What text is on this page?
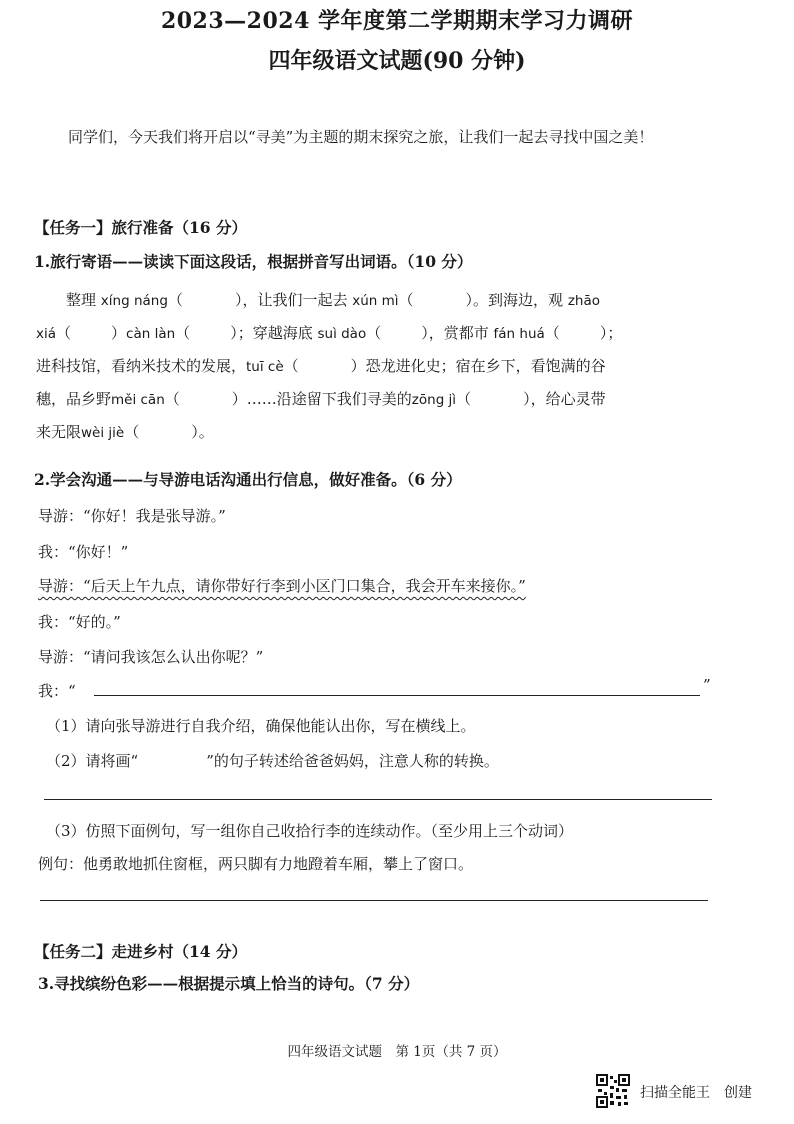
2023—2024 学年度第二学期期末学习力调研
四年级语文试题(90 分钟)
同学们，今天我们将开启以“寻美”为主题的期末探究之旅，让我们一起去寻找中国之美！
【任务一】旅行准备（16 分）
1.旅行寄语——读读下面这段话，根据拼音写出词语。（10 分）
整理 xíng náng（	），让我们一起去 xún mì（	）。到海边，观 zhāo
xiá（	）càn làn（	）；穿越海底 suì dào（	），赏都市 fán huá（	）；
进科技馆，看纳米技术的发展，tuī cè（	）恐龙进化史；宿在乡下，看饱满的谷
穗，品乡野měi cān（	）……沿途留下我们寻美的zōng jì（	），给心灵带
来无限wèi jiè（	）。
2.学会沟通——与导游电话沟通出行信息，做好准备。（6 分）
导游：“你好！我是张导游。”
我：“你好！”
导游：“后天上午九点，请你带好行李到小区门口集合，我会开车来接你。”
我：“好的。”
导游：“请问我该怎么认出你呢？”
我：“	”
（1）请向张导游进行自我介绍，确保他能认出你，写在横线上。
（2）请将画“	”的句子转述给爸爸妈妈，注意人称的转换。
（3）仿照下面例句，写一组你自己收拾行李的连续动作。（至少用上三个动词）
例句：他勇敢地抓住窗框，两只脚有力地蹬着车厢，攀上了窗口。
【任务二】走进乡村（14 分）
3.寻找缤纷色彩——根据提示填上恰当的诗句。（7 分）
四年级语文试题　第 1页（共 7 页）
扫描全能王　创建
